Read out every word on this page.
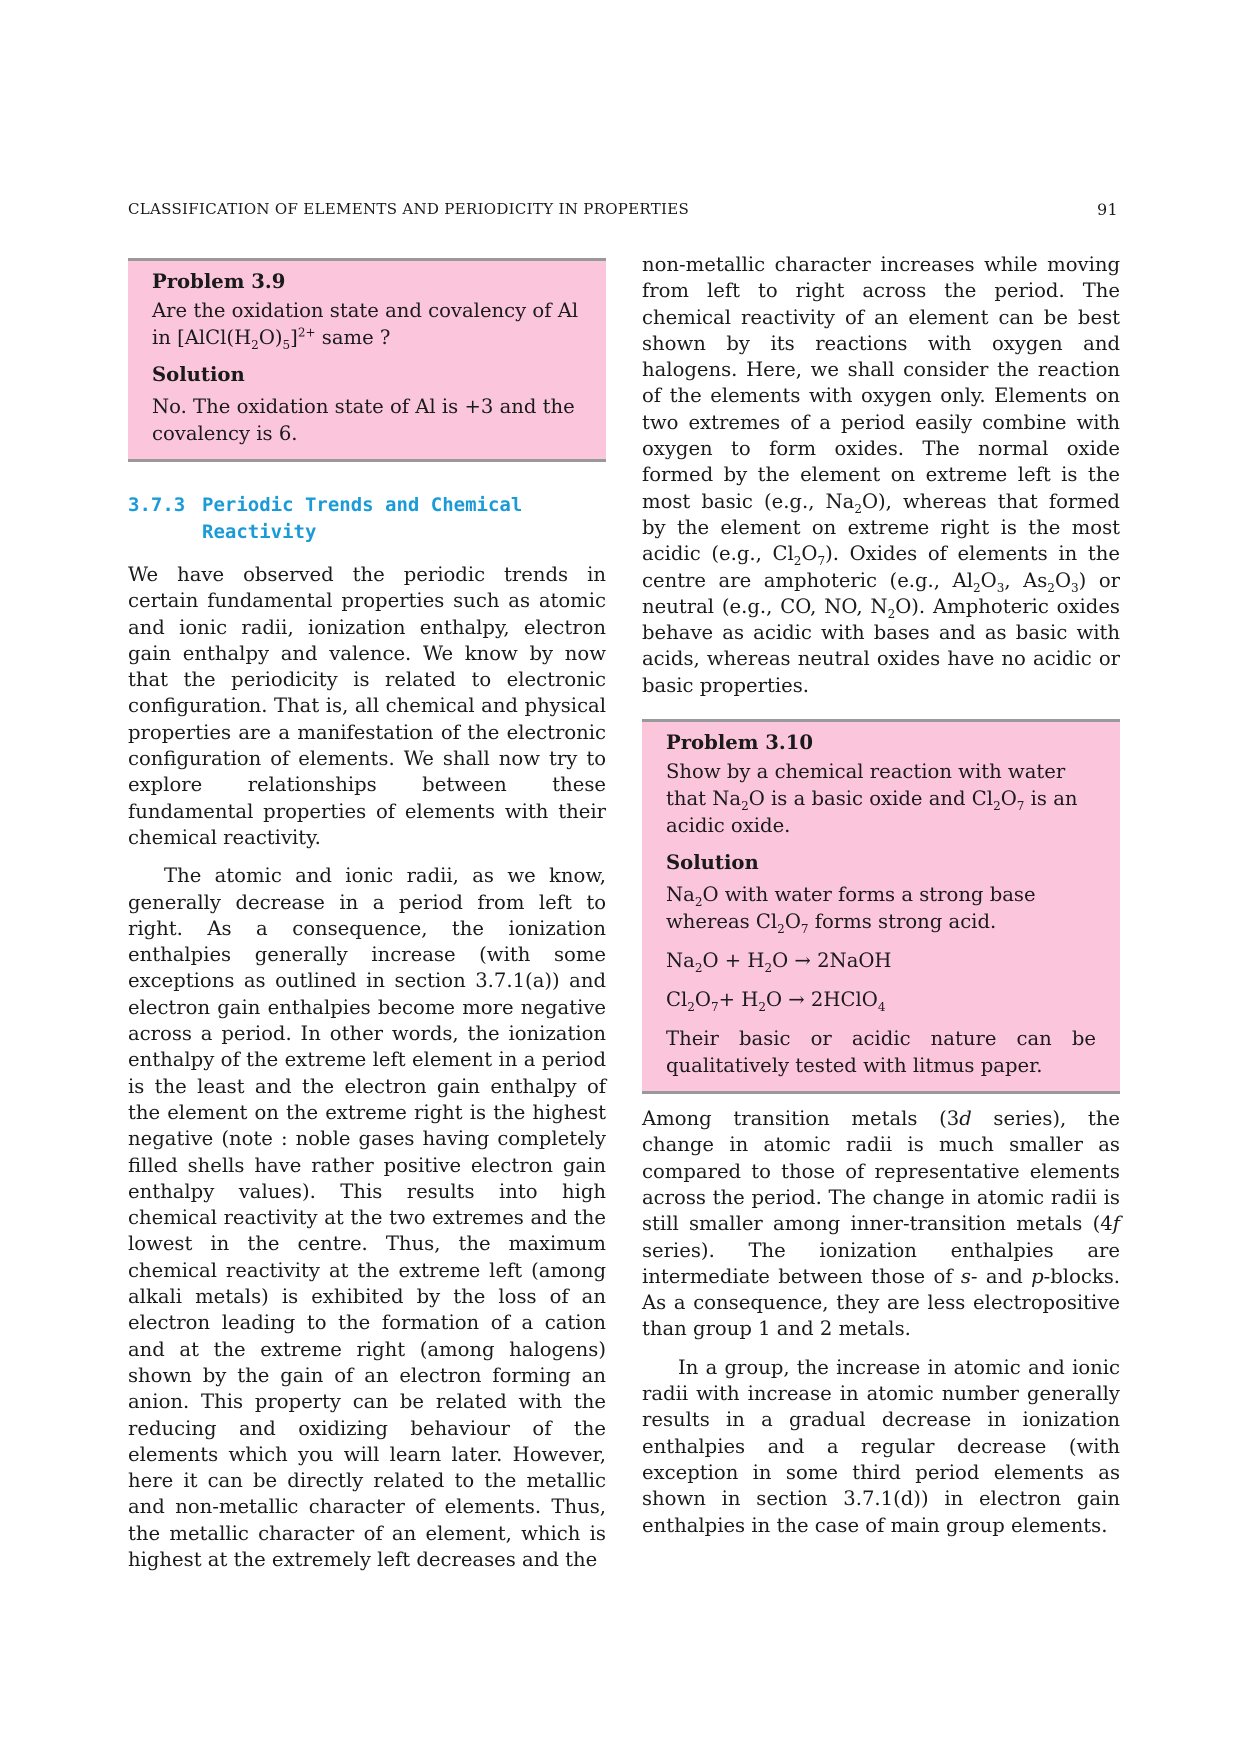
CLASSIFICATION OF ELEMENTS AND PERIODICITY IN PROPERTIES	91
Problem 3.9

Are the oxidation state and covalency of Al in $[AlCl(H_2O)_5]^{2+}$ same ?

Solution

No. The oxidation state of Al is +3 and the covalency is 6.

3.7.3 Periodic Trends and Chemical Reactivity

We have observed the periodic trends in certain fundamental properties such as atomic and ionic radii, ionization enthalpy, electron gain enthalpy and valence. We know by now that the periodicity is related to electronic configuration. That is, all chemical and physical properties are a manifestation of the electronic configuration of elements. We shall now try to explore relationships between these fundamental properties of elements with their chemical reactivity.

The atomic and ionic radii, as we know, generally decrease in a period from left to right. As a consequence, the ionization enthalpies generally increase (with some exceptions as outlined in section 3.7.1(a)) and electron gain enthalpies become more negative across a period. In other words, the ionization enthalpy of the extreme left element in a period is the least and the electron gain enthalpy of the element on the extreme right is the highest negative (note : noble gases having completely filled shells have rather positive electron gain enthalpy values). This results into high chemical reactivity at the two extremes and the lowest in the centre. Thus, the maximum chemical reactivity at the extreme left (among alkali metals) is exhibited by the loss of an electron leading to the formation of a cation and at the extreme right (among halogens) shown by the gain of an electron forming an anion. This property can be related with the reducing and oxidizing behaviour of the elements which you will learn later. However, here it can be directly related to the metallic and non-metallic character of elements. Thus, the metallic character of an element, which is highest at the extremely left decreases and the

non-metallic character increases while moving from left to right across the period. The chemical reactivity of an element can be best shown by its reactions with oxygen and halogens. Here, we shall consider the reaction of the elements with oxygen only. Elements on two extremes of a period easily combine with oxygen to form oxides. The normal oxide formed by the element on extreme left is the most basic (e.g., $Na_2O$), whereas that formed by the element on extreme right is the most acidic (e.g., $Cl_2O_7$). Oxides of elements in the centre are amphoteric (e.g., $Al_2O_3$, $As_2O_3$) or neutral (e.g., CO, NO, $N_2O$). Amphoteric oxides behave as acidic with bases and as basic with acids, whereas neutral oxides have no acidic or basic properties.

Problem 3.10

Show by a chemical reaction with water that $Na_2O$ is a basic oxide and $Cl_2O_7$ is an acidic oxide.

Solution

$Na_2O$ with water forms a strong base whereas $Cl_2O_7$ forms strong acid.

$Na_2O + H_2O$ → 2NaOH

$Cl_2O_7+ H_2O$ → 2HClO$_4$

Their basic or acidic nature can be qualitatively tested with litmus paper.

Among transition metals (3d series), the change in atomic radii is much smaller as compared to those of representative elements across the period. The change in atomic radii is still smaller among inner-transition metals (4f series). The ionization enthalpies are intermediate between those of s- and p-blocks. As a consequence, they are less electropositive than group 1 and 2 metals.

In a group, the increase in atomic and ionic radii with increase in atomic number generally results in a gradual decrease in ionization enthalpies and a regular decrease (with exception in some third period elements as shown in section 3.7.1(d)) in electron gain enthalpies in the case of main group elements.
